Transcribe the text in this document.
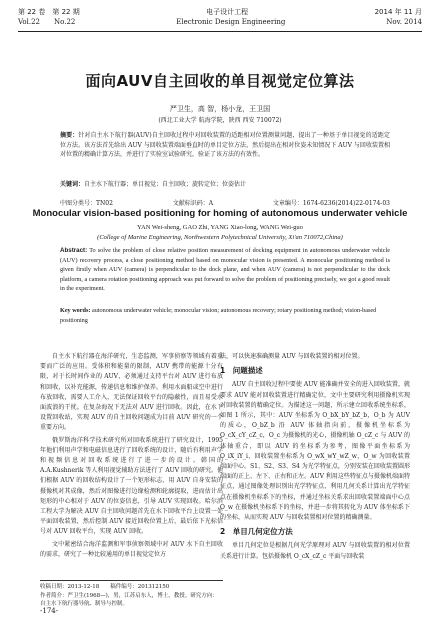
第 22 卷　第 22 期	电子设计工程	2014 年 11 月
Vol.22　　No.22	Electronic Design Engineering	Nov. 2014
面向AUV自主回收的单目视觉定位算法
严卫生，高 智，杨小龙，王卫国
(西北工业大学 航海学院，陕西 西安 710072)
摘要：针对自主水下航行器(AUV)自主回收过程中对回收装置的适距相对位置测量问题，提出了一种基于单目视觉的适距定位方法。该方法首先给出 AUV 与回收装置端面垂直时的单目定位方法，然后提出在相对位姿未知情况下 AUV 与回收装置相对位置的精确计算方法，并进行了实验室试验研究，验证了该方法的有效性。
关键词：自主水下航行器；单目视觉；自主回收；旋转定位；位姿估计
中图分类号：TN02	文献标识码：A	文章编号：1674-6236(2014)22-0174-03
Monocular vision-based positioning for homing of autonomous underwater vehicle
YAN Wei-sheng, GAO Zhi, YANG Xiao-long, WANG Wei-guo
(College of Marine Engineering, Northwestern Polytechnical University, Xi'an 710072,China)
Abstract: To solve the problem of close relative position measurement of docking equipment in autonomous underwater vehicle (AUV) recovery process, a close positioning method based on monocular vision is presented. A monocular positioning method is given firstly when AUV (camera) is perpendicular to the dock plane, and when AUV (camera) is not perpendicular to the dock platform, a camera rotation positioning approach was put forward to solve the problem of positioning precisely, we got a good result in the experiment.
Key words: autonomous underwater vehicle; monocular vision; autonomous recovery; rotary positioning method; vision-based positioning

自主水下航行器在海洋研究，生态监测，军事侦察等领域有着重要而广泛的应用。受体积和能量的限制，AUV 携带的能源十分有限，对于长时间作业的 AUV，必须通过支持平台对 AUV 进行布放和回收，以补充能源，传递信息和维护保养。利用水面船或空中进行布放回收，需要人工介入，无法保证回收平台的隐蔽性，而且易受水面波浪的干扰。在复杂海况下无法对 AUV 进行回收。因此，在水下设置回收站，实现 AUV 的自主回收问题成为目前 AUV 研究的一个重要方向。

俄罗斯海洋科学技术研究所对回收系统进行了研究设计，1995 年他们利用声学和电磁信息进行了回收系统的设计，随后有利用声学和视频信息对回收系统进行了进一步的设计。韩国的 A.A.Kushnerik 等人利用视觉辅助方法进行了 AUV 回收的研究。他们根据 AUV 的回收结构设计了一个矩形标志，用 AUV 自身安装的摄像机对其成像，然后对图像进行边缘检测和轮廓提取，进而估计出矩形的中心相对于 AUV 的位姿信息，引导 AUV 实现回收。哈尔滨工程大学为解决 AUV 自主回收问题首先在水下回收平台上设置一处平面回收装置，然后控制 AUV 接近回收位置上后，最后依下光标信号对 AUV 回收平台，实现 AUV 回收。

文中紧密结合海洋监测和军事侦察领域中对 AUV 水下自主回收的需求，研究了一种比较通用的单目视觉定位方

法，可以快速准确测量 AUV 与回收装置的相对位置。

1　问题描述

AUV 自主回收过程中要使 AUV 能准确并安全的进入回收装置，就要求 AUV 能对回收装置进行精确定位，文中主要研究利用摄像机实现对回收装置的精确定位。为描述这一问题，所示建立回收系统坐标系，如图 1 所示，其中：AUV 坐标系为 O_bX_bY_bZ_b，O_b 为 AUV 的质心，O_bZ_b 沿 AUV 体轴指向前，摄像机坐标系为 O_cX_cY_cZ_c，O_c 为摄像机的光心，摄像机轴 O_cZ_c 与 AUV 的体轴重合，即以 AUV 的坐标系为参考，图像平面坐标系为 O_iX_iY_i，回收装置坐标系为 O_wX_wY_wZ_w，O_w 为回收装置端面中心。S1、S2、S3、S4 为光学特征点，分别安装在回收装置圆形端面的正上、左下、正右和正左。AUV 利用这些特征点与摄像机端面特征点，通过图像处理识别出光学特征点，利用几何关系计算出光学特征点在摄像机坐标系下的坐标，并通过坐标关系求出回收装置端面中心点 O_w 在摄像机坐标系下的坐标，并进一步将其转化为 AUV 体坐标系下的坐标，从而实现 AUV 与回收装置相对位置的精确测量。

2　单目几何定位方法

单目几何定位是根据几何光学原理对 AUV 与回收装置的相对位置关系进行计算。包括摄像机 O_cX_cZ_c 平面与回收装

收稿日期：2013-12-18　　稿件编号：201312150
作者简介：严卫生(1968—)，男，江苏启东人，博士，教授。研究方向：自主水下航行器导航、制导与控制。
-174-
